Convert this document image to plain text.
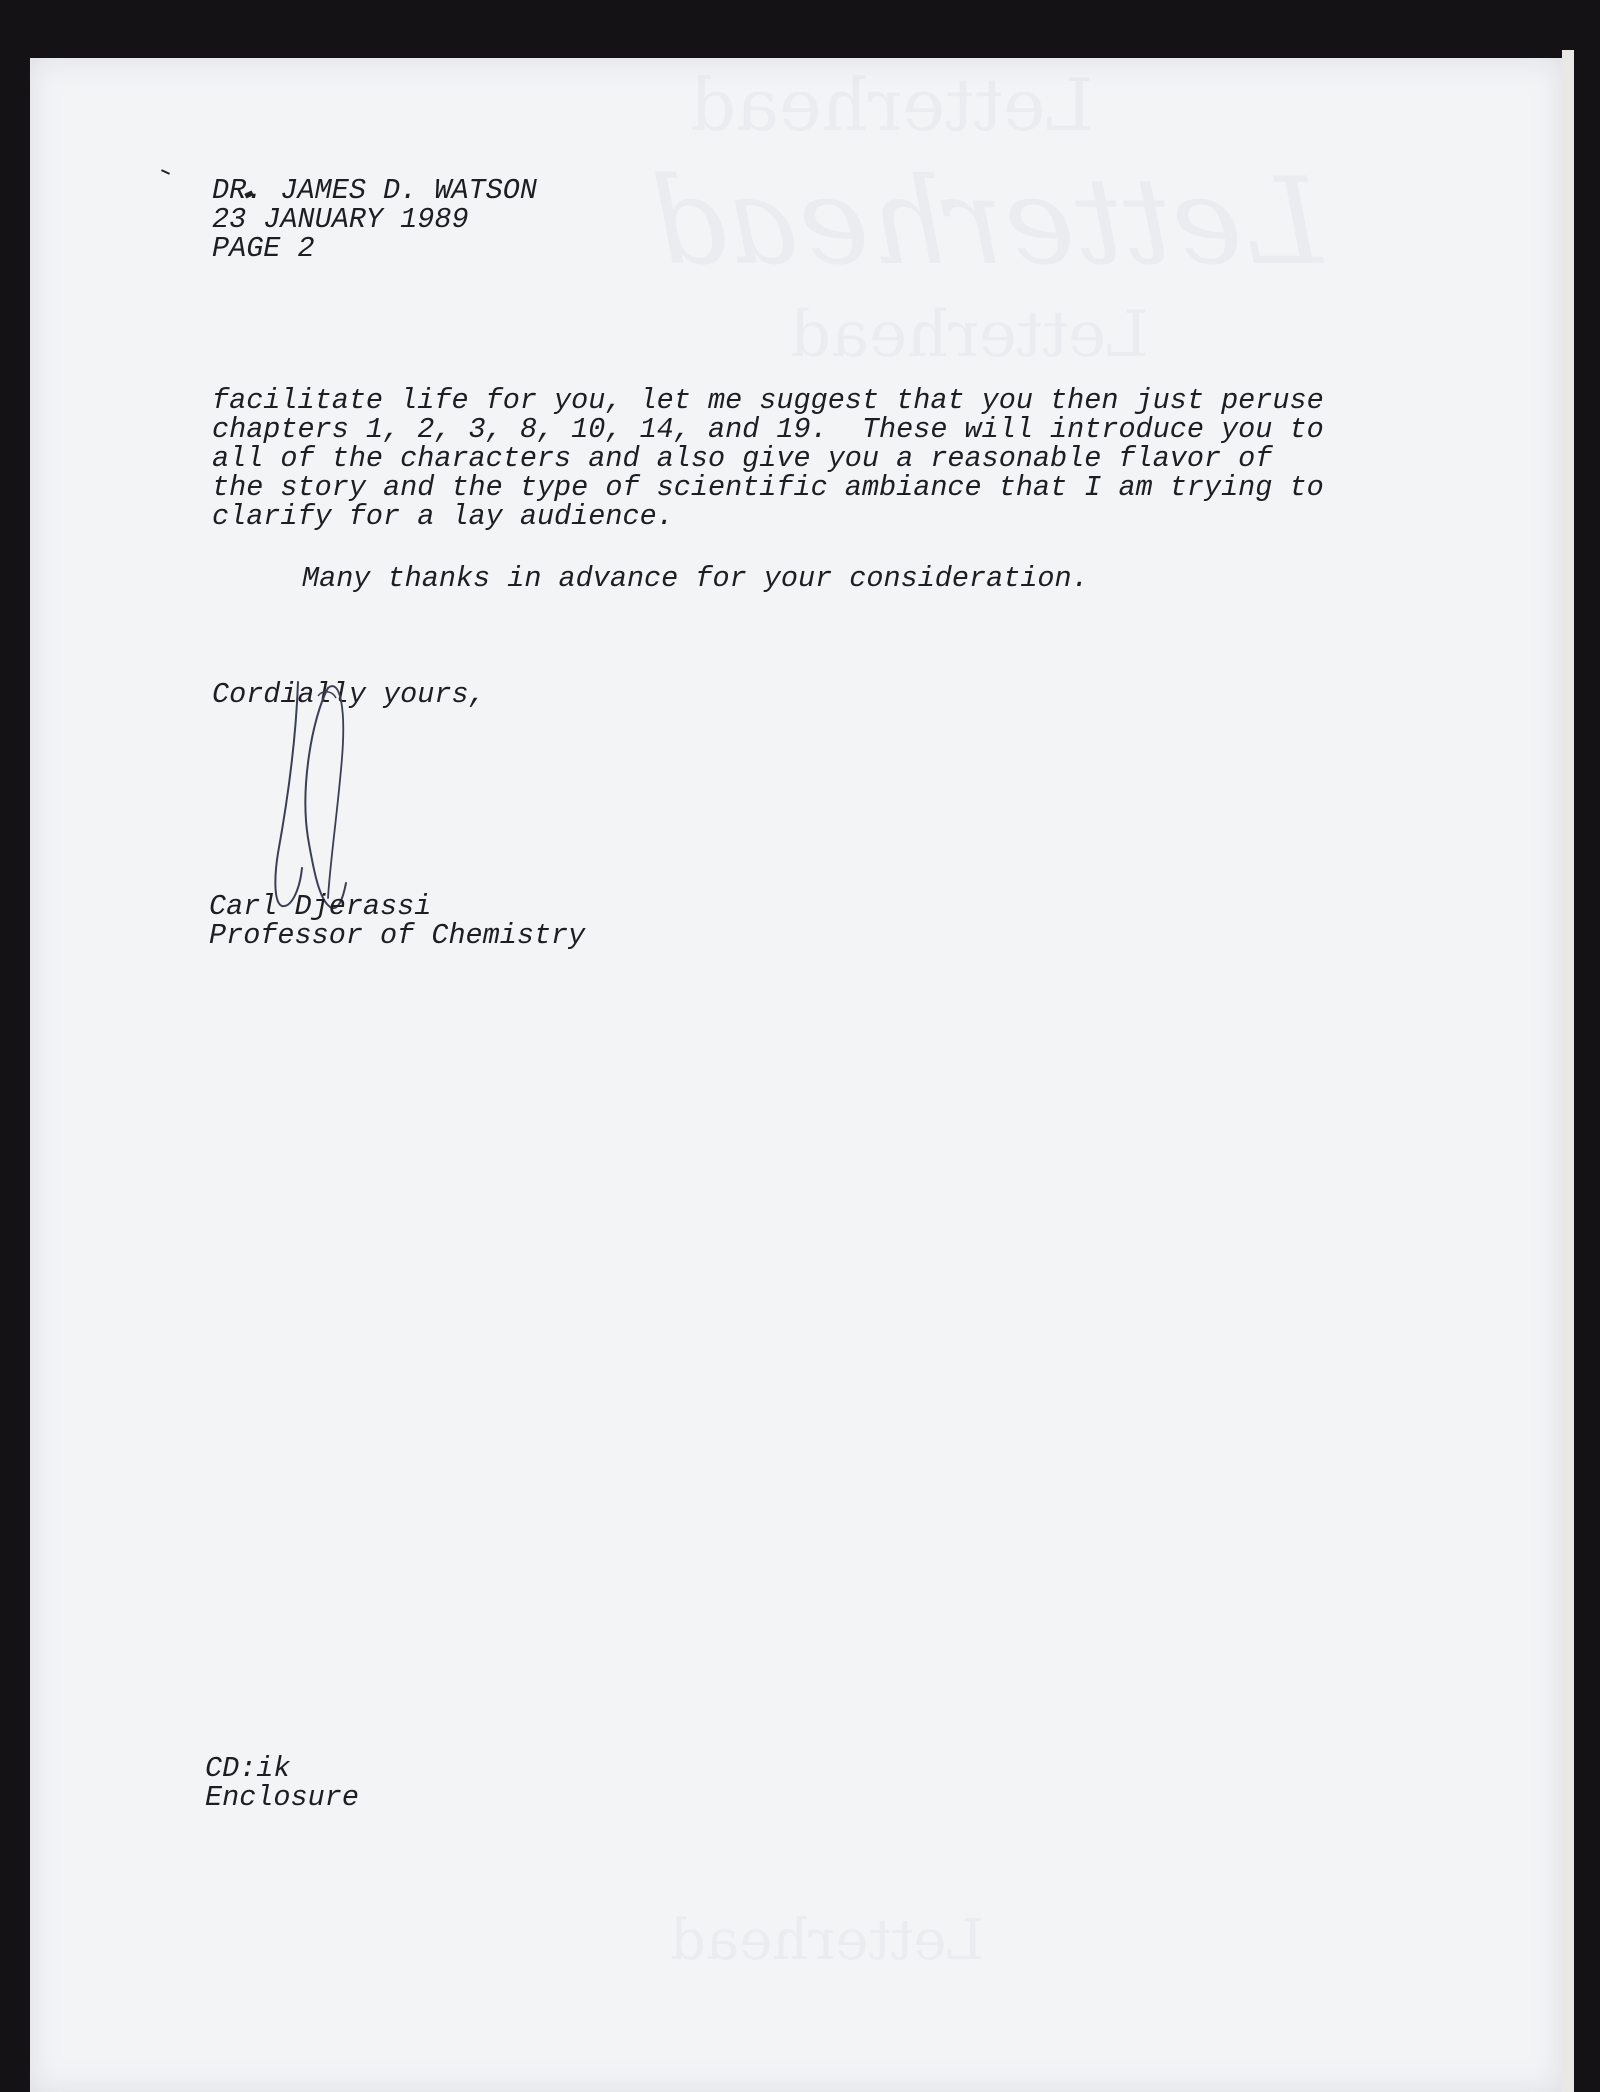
Letterhead
Letterhead
Letterhead
Letterhead
DR. JAMES D. WATSON
23 JANUARY 1989
PAGE 2
facilitate life for you, let me suggest that you then just peruse
chapters 1, 2, 3, 8, 10, 14, and 19.  These will introduce you to
all of the characters and also give you a reasonable flavor of
the story and the type of scientific ambiance that I am trying to
clarify for a lay audience.
Many thanks in advance for your consideration.
Cordially yours,
Carl Djerassi
Professor of Chemistry
CD:ik
Enclosure
